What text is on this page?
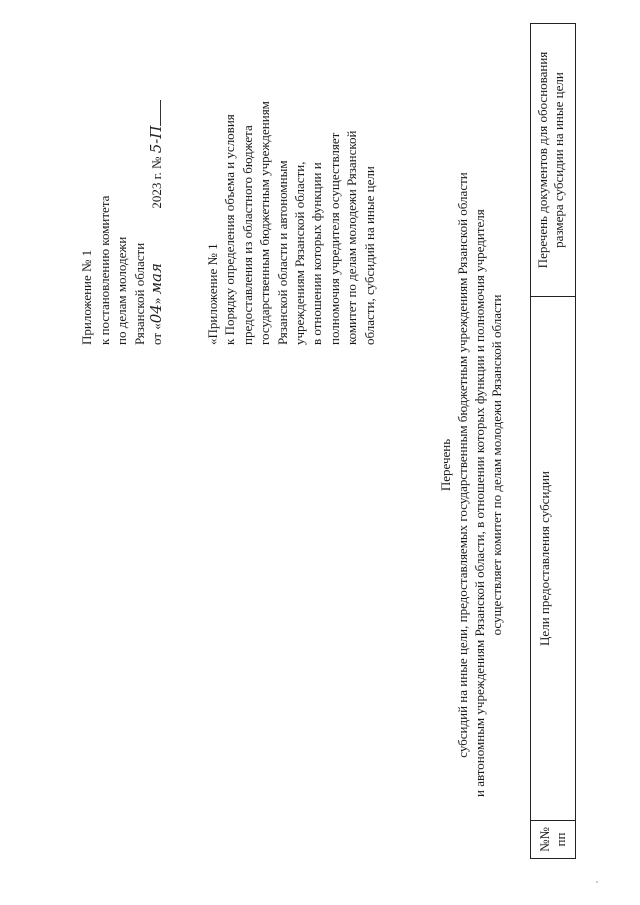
Приложение № 1 к постановлению комитета по делам молодежи Рязанской области от «04» мая  2023 г. № 5-П
«Приложение № 1 к Порядку определения объема и условия предоставления из областного бюджета государственным бюджетным учреждениям Рязанской области и автономным учреждениям Рязанской области, в отношении которых функции и полномочия учредителя осуществляет комитет по делам молодежи Рязанской области, субсидий на иные цели
Перечень субсидий на иные цели, предоставляемых государственным бюджетным учреждениям Рязанской области и автономным учреждениям Рязанской области, в отношении которых функции и полномочия учредителя осуществляет комитет по делам молодежи Рязанской области
№№ пп
Цели предоставления субсидии
Перечень документов для обоснования размера субсидии на иные цели
